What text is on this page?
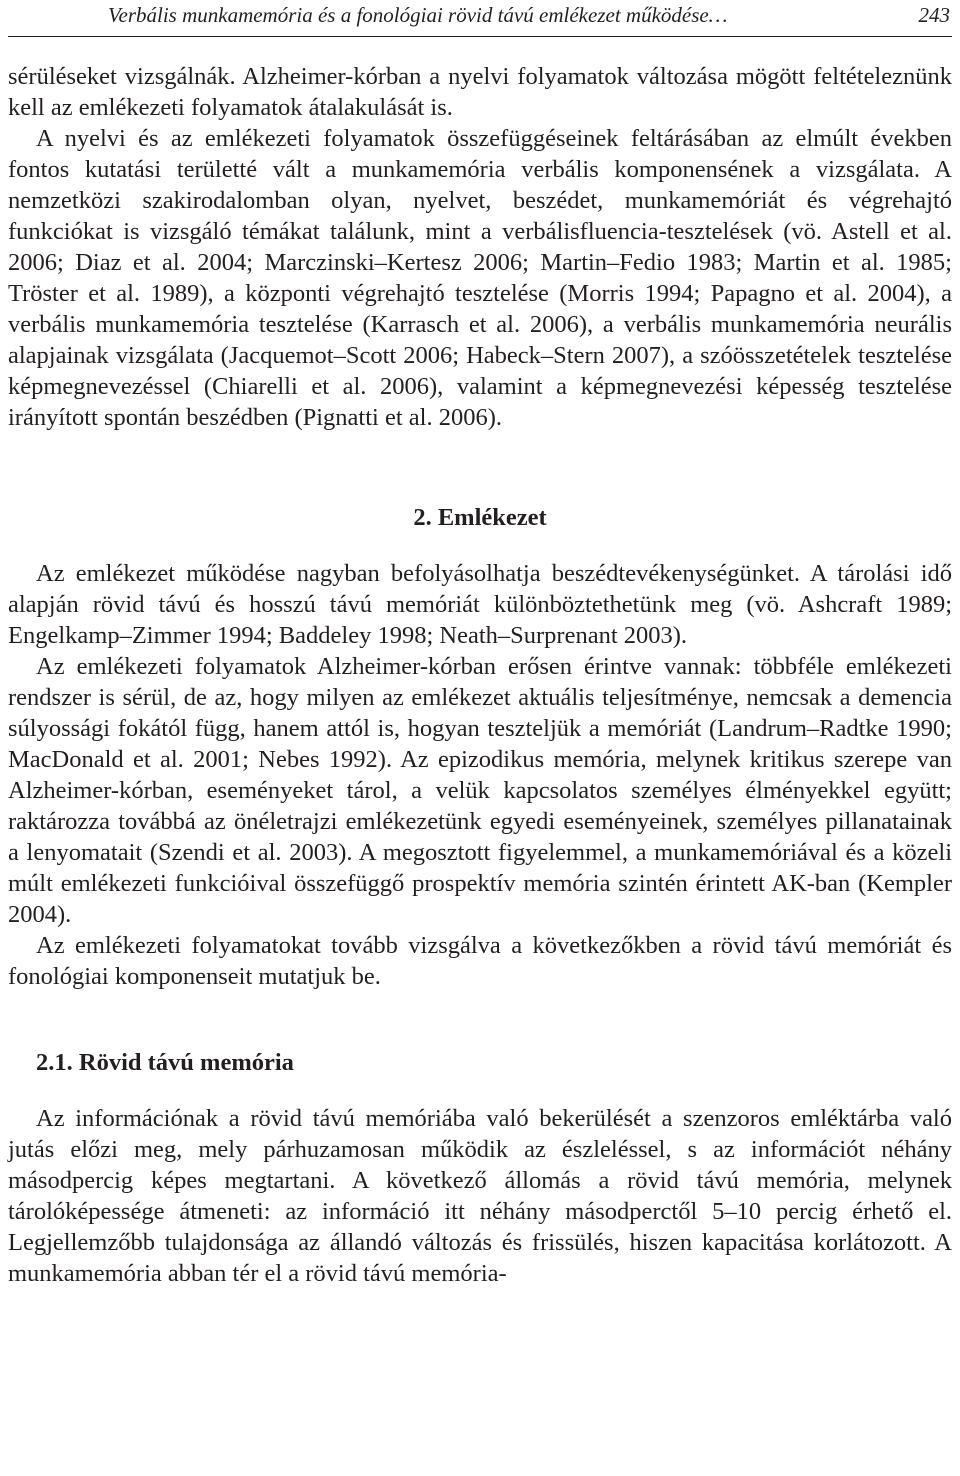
Verbális munkamemória és a fonológiai rövid távú emlékezet működése…	243

sérüléseket vizsgálnák. Alzheimer-kórban a nyelvi folyamatok változása mögött feltételeznünk kell az emlékezeti folyamatok átalakulását is.

A nyelvi és az emlékezeti folyamatok összefüggéseinek feltárásában az elmúlt években fontos kutatási területté vált a munkamemória verbális komponensének a vizsgálata. A nemzetközi szakirodalomban olyan, nyelvet, beszédet, munkamemóriát és végrehajtó funkciókat is vizsgáló témákat találunk, mint a verbálisfluencia-tesztelések (vö. Astell et al. 2006; Diaz et al. 2004; Marczinski–Kertesz 2006; Martin–Fedio 1983; Martin et al. 1985; Tröster et al. 1989), a központi végrehajtó tesztelése (Morris 1994; Papagno et al. 2004), a verbális munkamemória tesztelése (Karrasch et al. 2006), a verbális munkamemória neurális alapjainak vizsgálata (Jacquemot–Scott 2006; Habeck–Stern 2007), a szóösszetételek tesztelése képmegnevezéssel (Chiarelli et al. 2006), valamint a képmegnevezési képesség tesztelése irányított spontán beszédben (Pignatti et al. 2006).

2. Emlékezet

Az emlékezet működése nagyban befolyásolhatja beszédtevékenységünket. A tárolási idő alapján rövid távú és hosszú távú memóriát különböztethetünk meg (vö. Ashcraft 1989; Engelkamp–Zimmer 1994; Baddeley 1998; Neath–Surprenant 2003).

Az emlékezeti folyamatok Alzheimer-kórban erősen érintve vannak: többféle emlékezeti rendszer is sérül, de az, hogy milyen az emlékezet aktuális teljesítménye, nemcsak a demencia súlyossági fokától függ, hanem attól is, hogyan teszteljük a memóriát (Landrum–Radtke 1990; MacDonald et al. 2001; Nebes 1992). Az epizodikus memória, melynek kritikus szerepe van Alzheimer-kórban, eseményeket tárol, a velük kapcsolatos személyes élményekkel együtt; raktározza továbbá az önéletrajzi emlékezetünk egyedi eseményeinek, személyes pillanatainak a lenyomatait (Szendi et al. 2003). A megosztott figyelemmel, a munkamemóriával és a közeli múlt emlékezeti funkcióival összefüggő prospektív memória szintén érintett AK-ban (Kempler 2004).

Az emlékezeti folyamatokat tovább vizsgálva a következőkben a rövid távú memóriát és fonológiai komponenseit mutatjuk be.

2.1. Rövid távú memória

Az információnak a rövid távú memóriába való bekerülését a szenzoros emléktárba való jutás előzi meg, mely párhuzamosan működik az észleléssel, s az információt néhány másodpercig képes megtartani. A következő állomás a rövid távú memória, melynek tárolóképessége átmeneti: az információ itt néhány másodperctől 5–10 percig érhető el. Legjellemzőbb tulajdonsága az állandó változás és frissülés, hiszen kapacitása korlátozott. A munkamemória abban tér el a rövid távú memória-
